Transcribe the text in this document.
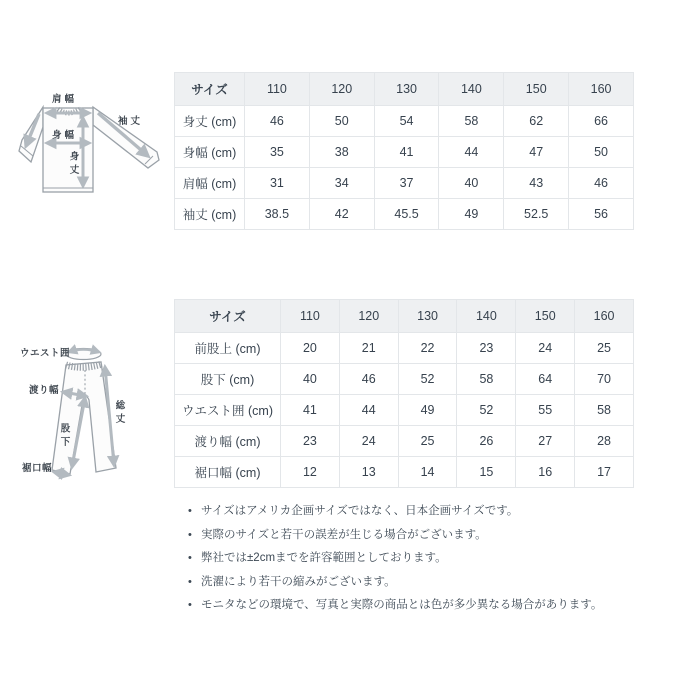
肩幅
袖丈
身幅
身丈
サイズ	110	120	130	140	150	160
身丈 (cm)	46	50	54	58	62	66
身幅 (cm)	35	38	41	44	47	50
肩幅 (cm)	31	34	37	40	43	46
袖丈 (cm)	38.5	42	45.5	49	52.5	56
ウエスト囲
渡り幅
股下
総丈
裾口幅
サイズ	110	120	130	140	150	160
前股上 (cm)	20	21	22	23	24	25
股下 (cm)	40	46	52	58	64	70
ウエスト囲 (cm)	41	44	49	52	55	58
渡り幅 (cm)	23	24	25	26	27	28
裾口幅 (cm)	12	13	14	15	16	17
• サイズはアメリカ企画サイズではなく、日本企画サイズです。
• 実際のサイズと若干の誤差が生じる場合がございます。
• 弊社では±2cmまでを許容範囲としております。
• 洗濯により若干の縮みがございます。
• モニタなどの環境で、写真と実際の商品とは色が多少異なる場合があります。
